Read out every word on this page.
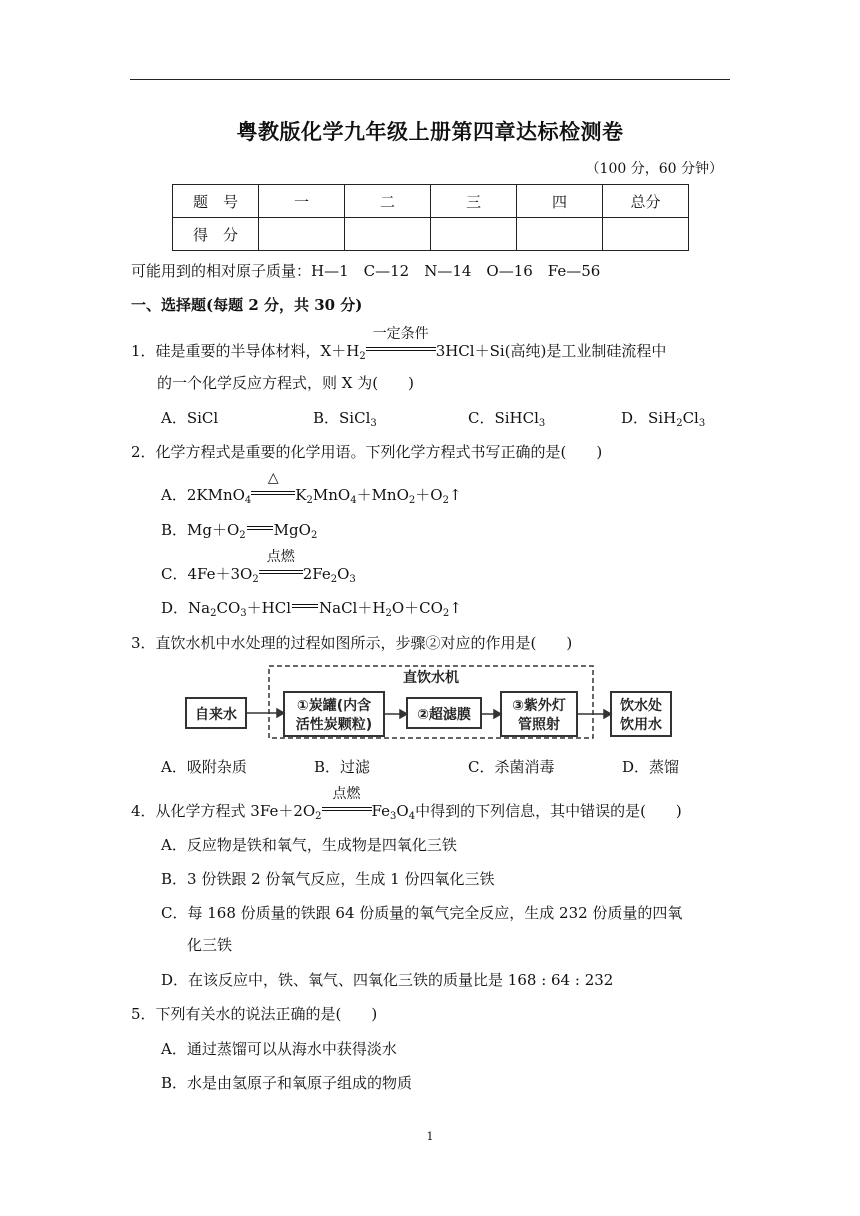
粤教版化学九年级上册第四章达标检测卷
（100 分，60 分钟）
题　号	一	二	三	四	总分
得　分					
可能用到的相对原子质量：H—1　C—12　N—14　O—16　Fe—56
一、选择题(每题 2 分，共 30 分)
1．硅是重要的半导体材料，$X+H_2$
一定条件
3HCl＋Si(高纯)是工业制硅流程中
的一个化学反应方程式，则 X 为(　　)
A．SiCl	B．SiCl$_3$	C．SiHCl$_3$	D．$SiH_2Cl_3$
2．化学方程式是重要的化学用语。下列化学方程式书写正确的是(　　)
A．2KMnO$_4$
△
$K_2MnO_4+MnO_2+O_2↑$
B．$Mg+O_2$ MgO$_2$
C．$4Fe+3O_2$
点燃
$2Fe_2O_3$
D．$Na_2CO_3+HCl$ $NaCl+H_2O+CO_2↑$
3．直饮水机中水处理的过程如图所示，步骤②对应的作用是(　　)
直饮水机
自来水
①炭罐(内含
活性炭颗粒)
②超滤膜
③紫外灯
管照射
饮水处
饮用水
A．吸附杂质	B．过滤	C．杀菌消毒	D．蒸馏
4．从化学方程式 $3Fe+2O_2$
点燃
$Fe_3O_4$中得到的下列信息，其中错误的是(　　)
A．反应物是铁和氧气，生成物是四氧化三铁
B．3 份铁跟 2 份氧气反应，生成 1 份四氧化三铁
C．每 168 份质量的铁跟 64 份质量的氧气完全反应，生成 232 份质量的四氧
化三铁
D．在该反应中，铁、氧气、四氧化三铁的质量比是 168 : 64 : 232
5．下列有关水的说法正确的是(　　)
A．通过蒸馏可以从海水中获得淡水
B．水是由氢原子和氧原子组成的物质
1
